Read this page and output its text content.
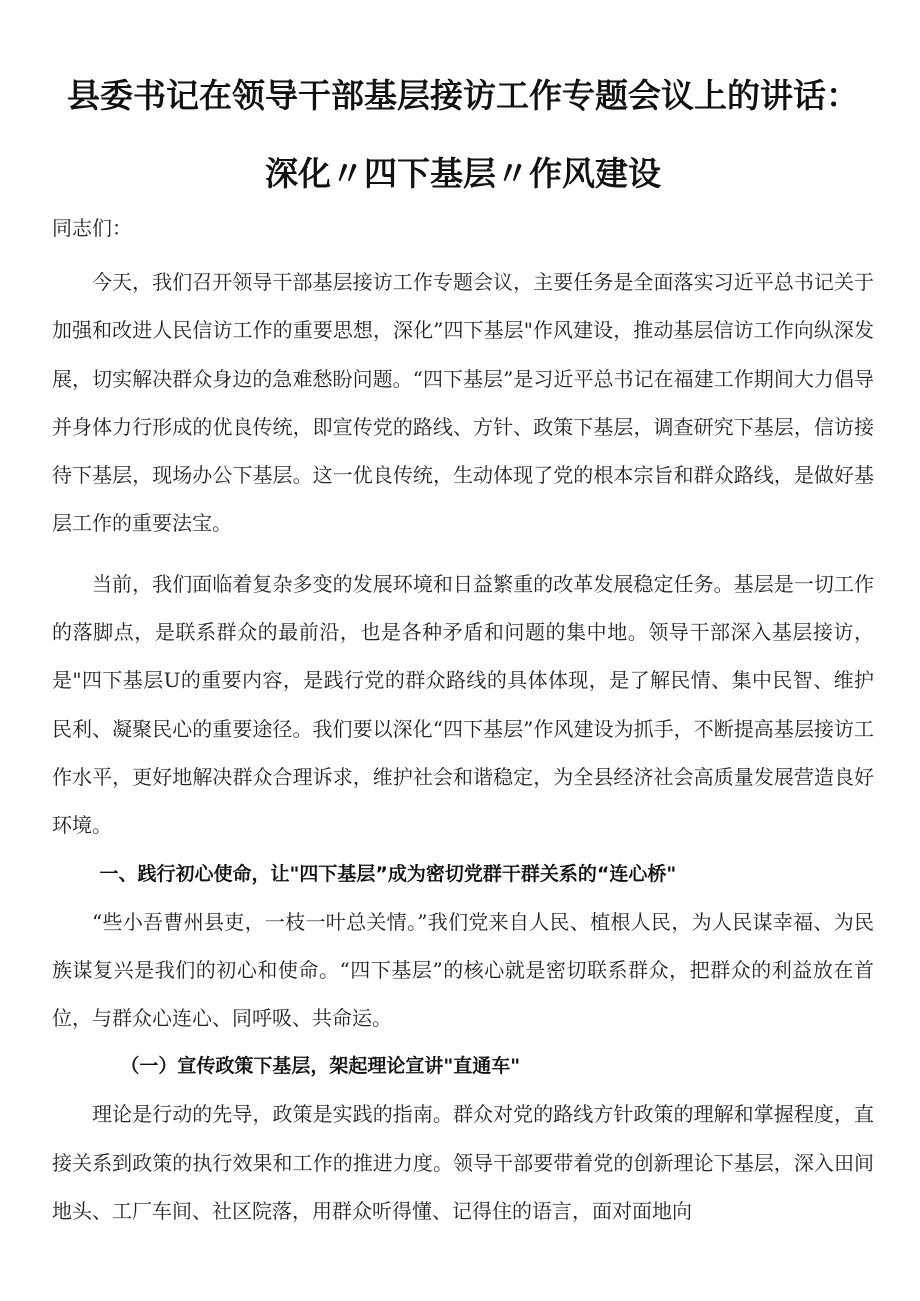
县委书记在领导干部基层接访工作专题会议上的讲话：
深化〃四下基层〃作风建设
同志们：

今天，我们召开领导干部基层接访工作专题会议，主要任务是全面落实习近平总书记关于加强和改进人民信访工作的重要思想，深化”四下基层"作风建设，推动基层信访工作向纵深发展，切实解决群众身边的急难愁盼问题。“四下基层”是习近平总书记在福建工作期间大力倡导并身体力行形成的优良传统，即宣传党的路线、方针、政策下基层，调查研究下基层，信访接待下基层，现场办公下基层。这一优良传统，生动体现了党的根本宗旨和群众路线，是做好基层工作的重要法宝。

当前，我们面临着复杂多变的发展环境和日益繁重的改革发展稳定任务。基层是一切工作的落脚点，是联系群众的最前沿，也是各种矛盾和问题的集中地。领导干部深入基层接访，是"四下基层U的重要内容，是践行党的群众路线的具体体现，是了解民情、集中民智、维护民利、凝聚民心的重要途径。我们要以深化“四下基层”作风建设为抓手，不断提高基层接访工作水平，更好地解决群众合理诉求，维护社会和谐稳定，为全县经济社会高质量发展营造良好环境。

一、践行初心使命，让"四下基层”成为密切党群干群关系的“连心桥"

“些小吾曹州县吏，一枝一叶总关情。”我们党来自人民、植根人民，为人民谋幸福、为民族谋复兴是我们的初心和使命。“四下基层”的核心就是密切联系群众，把群众的利益放在首位，与群众心连心、同呼吸、共命运。

（一）宣传政策下基层，架起理论宣讲"直通车"

理论是行动的先导，政策是实践的指南。群众对党的路线方针政策的理解和掌握程度，直接关系到政策的执行效果和工作的推进力度。领导干部要带着党的创新理论下基层，深入田间地头、工厂车间、社区院落，用群众听得懂、记得住的语言，面对面地向
